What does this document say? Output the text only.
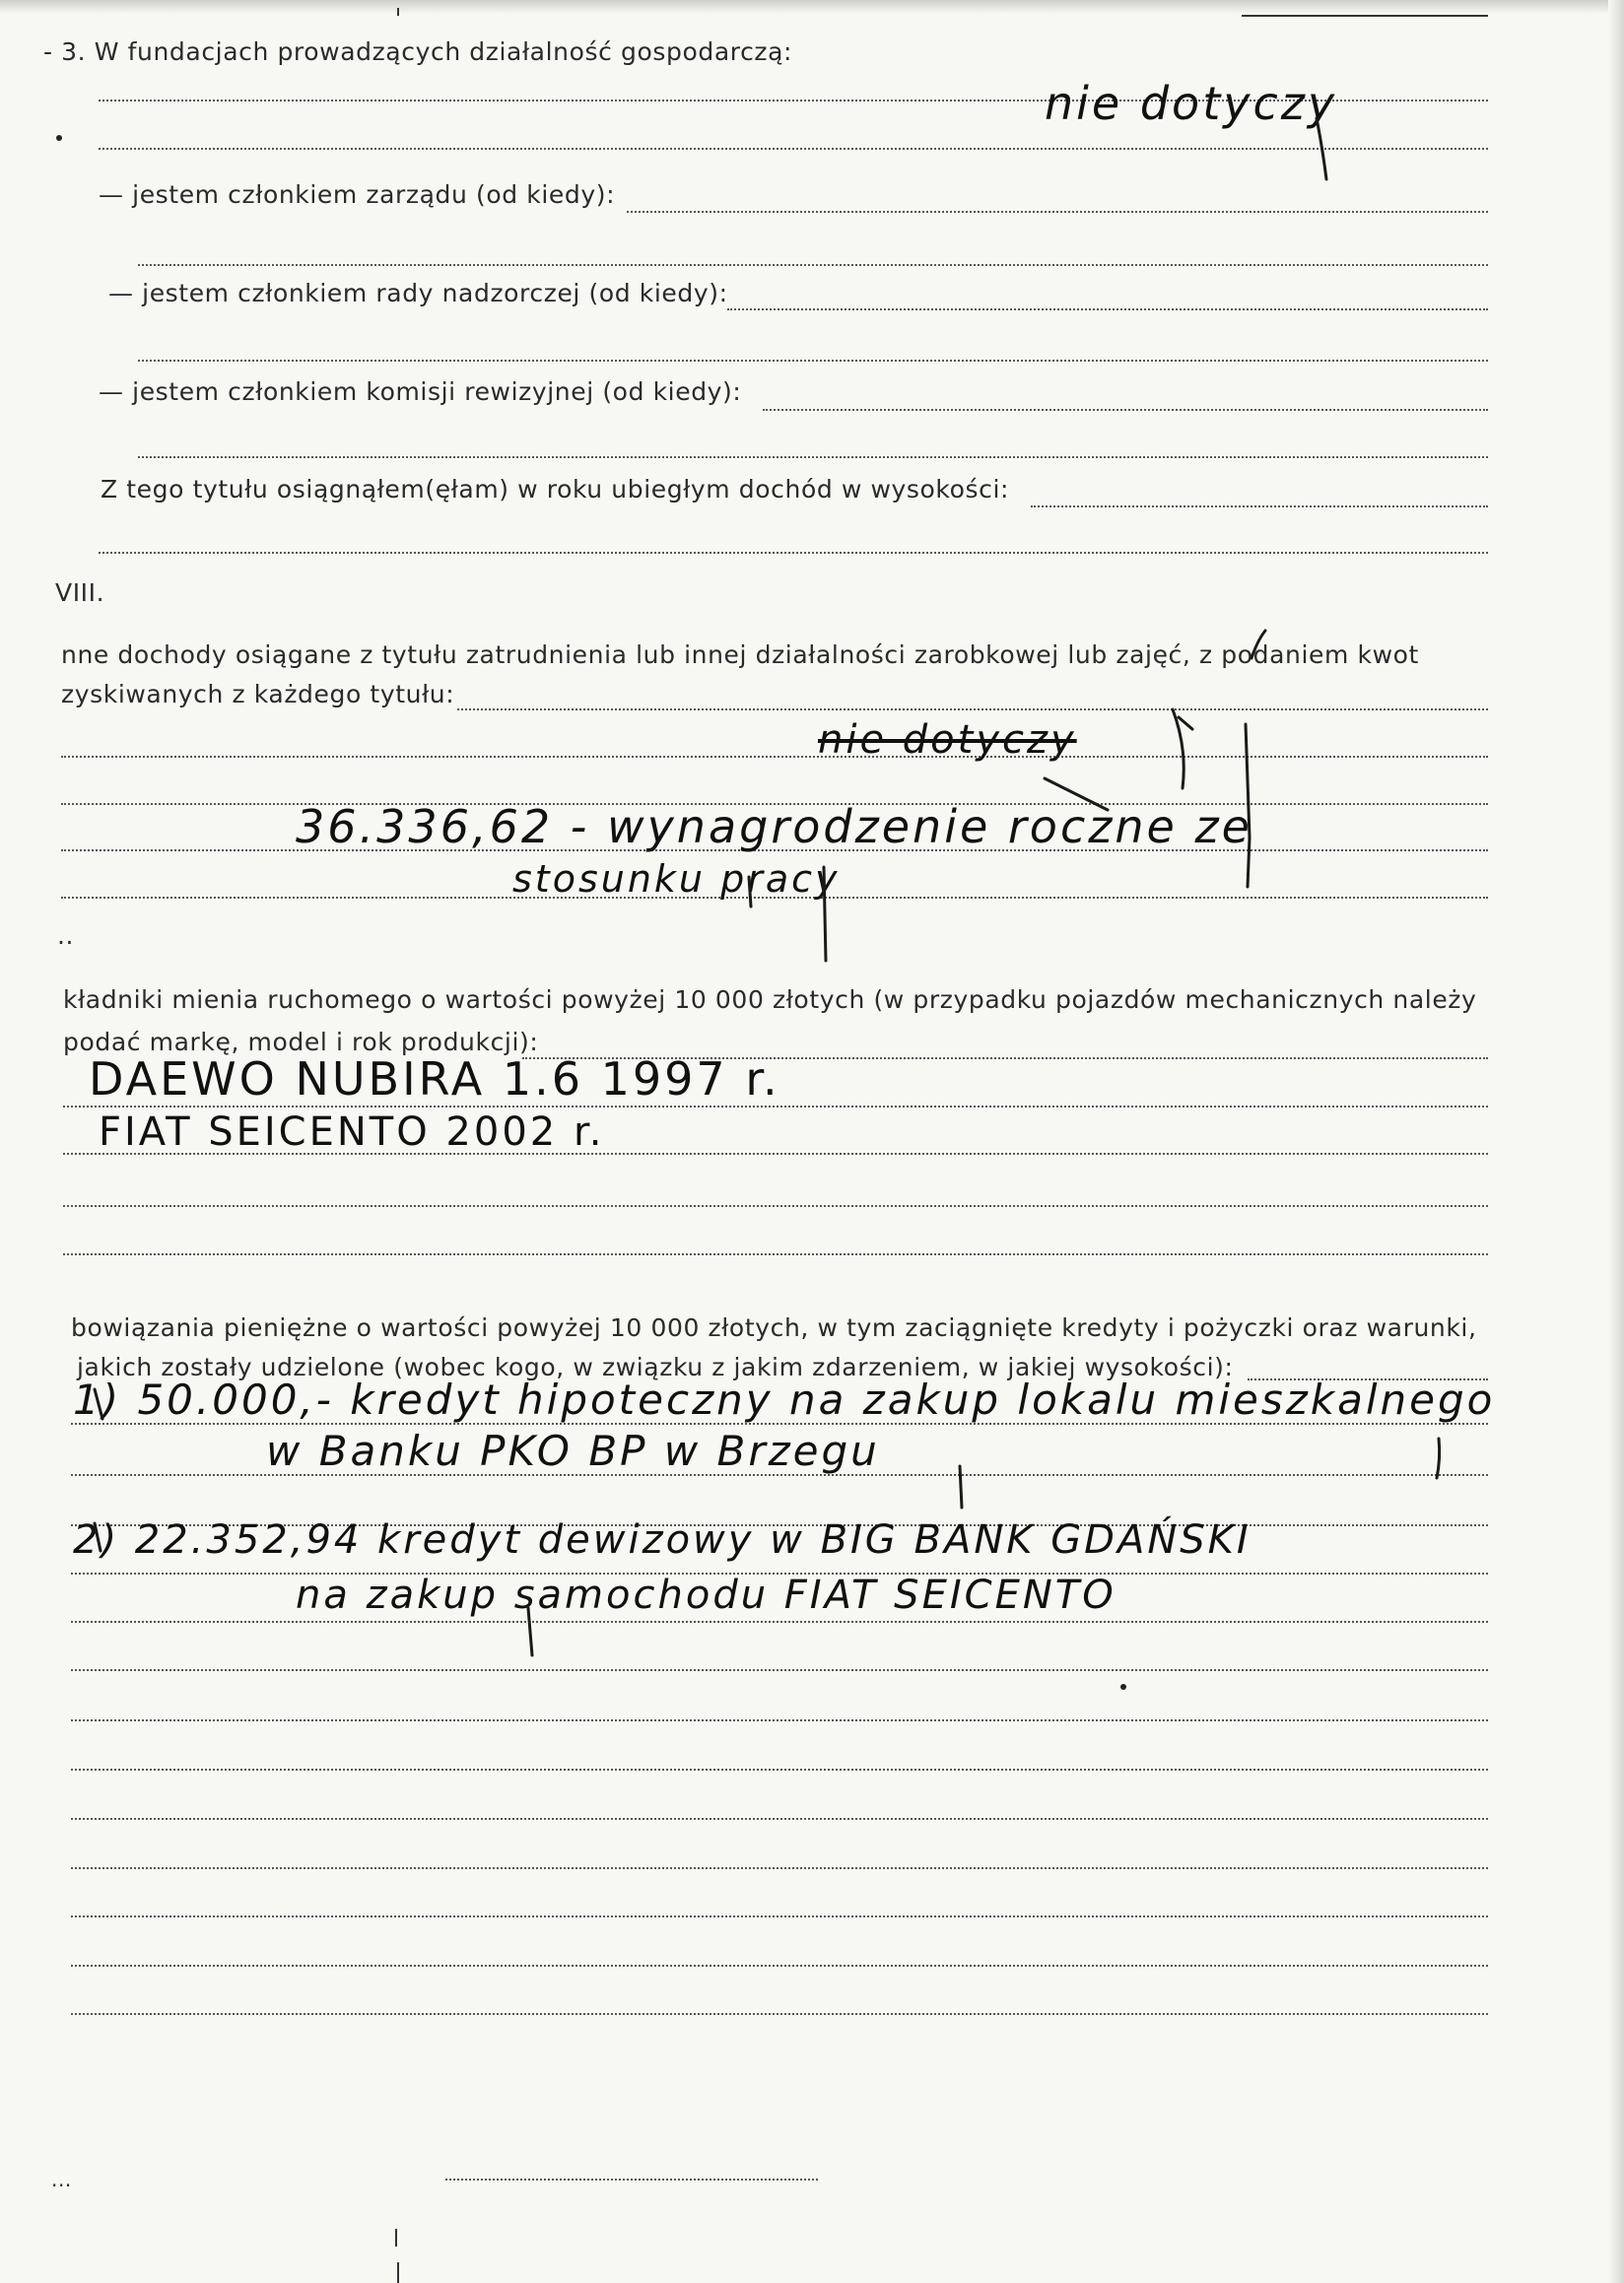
- 3. W fundacjach prowadzących działalność gospodarczą:
nie dotyczy
— jestem członkiem zarządu (od kiedy):
— jestem członkiem rady nadzorczej (od kiedy):
— jestem członkiem komisji rewizyjnej (od kiedy):
Z tego tytułu osiągnąłem(ęłam) w roku ubiegłym dochód w wysokości:
VIII.
nne dochody osiągane z tytułu zatrudnienia lub innej działalności zarobkowej lub zajęć, z podaniem kwot
zyskiwanych z każdego tytułu:
nie dotyczy
36.336,62 - wynagrodzenie roczne ze
stosunku pracy
..
kładniki mienia ruchomego o wartości powyżej 10 000 złotych (w przypadku pojazdów mechanicznych należy
podać markę, model i rok produkcji):
DAEWO NUBIRA 1.6 1997 r.
FIAT SEICENTO 2002 r.
bowiązania pieniężne o wartości powyżej 10 000 złotych, w tym zaciągnięte kredyty i pożyczki oraz warunki,
jakich zostały udzielone (wobec kogo, w związku z jakim zdarzeniem, w jakiej wysokości):
1) 50.000,- kredyt hipoteczny na zakup lokalu mieszkalnego
w Banku PKO BP w Brzegu
2) 22.352,94 kredyt dewizowy w BIG BANK GDAŃSKI
na zakup samochodu FIAT SEICENTO
...
